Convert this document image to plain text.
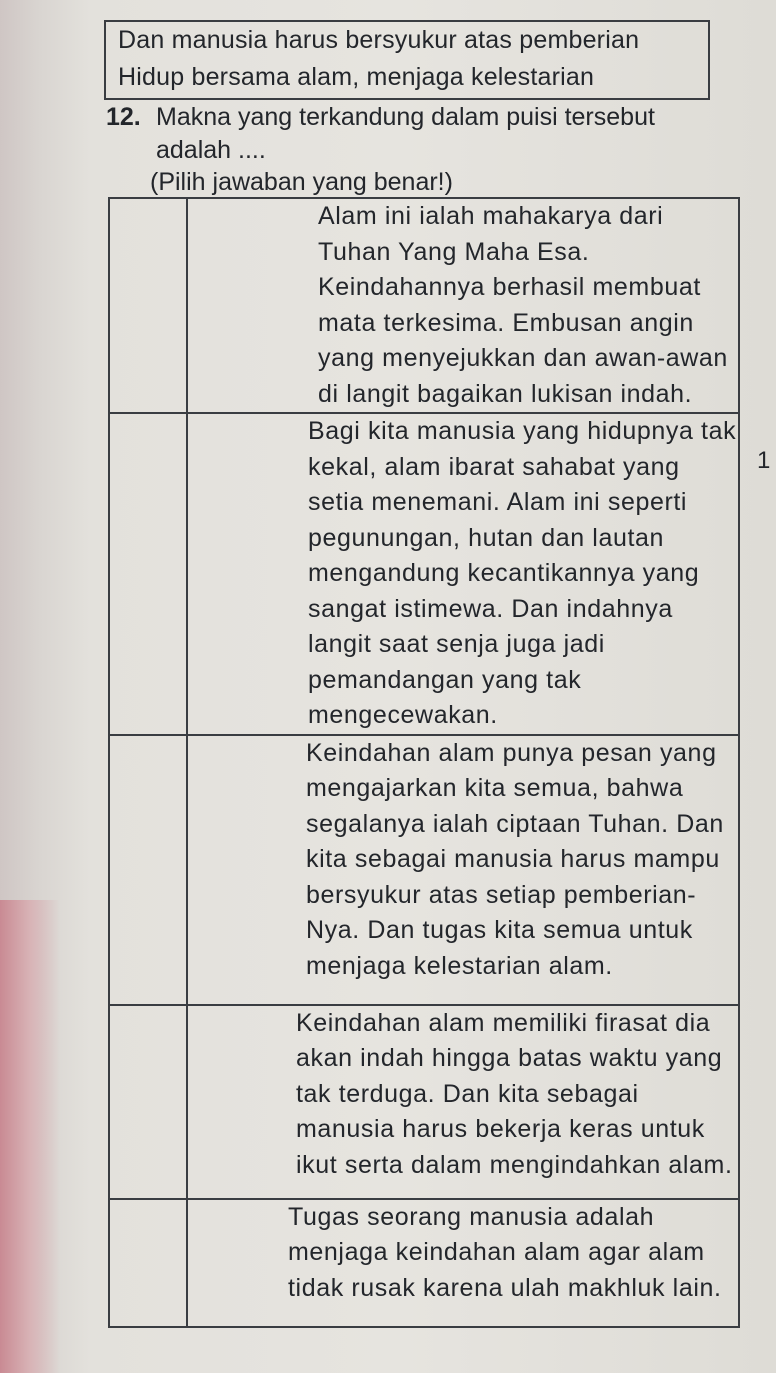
Dan manusia harus bersyukur atas pemberian
Hidup bersama alam, menjaga kelestarian
12. Makna yang terkandung dalam puisi tersebut
adalah ....
(Pilih jawaban yang benar!)
1
	Alam ini ialah mahakarya dari Tuhan Yang Maha Esa. Keindahannya berhasil membuat mata terkesima. Embusan angin yang menyejukkan dan awan-awan di langit bagaikan lukisan indah.
	Bagi kita manusia yang hidupnya tak kekal, alam ibarat sahabat yang setia menemani. Alam ini seperti pegunungan, hutan dan lautan mengandung kecantikannya yang sangat istimewa. Dan indahnya langit saat senja juga jadi pemandangan yang tak mengecewakan.
	Keindahan alam punya pesan yang mengajarkan kita semua, bahwa segalanya ialah ciptaan Tuhan. Dan kita sebagai manusia harus mampu bersyukur atas setiap pemberian-Nya. Dan tugas kita semua untuk menjaga kelestarian alam.
	Keindahan alam memiliki firasat dia akan indah hingga batas waktu yang tak terduga. Dan kita sebagai manusia harus bekerja keras untuk ikut serta dalam mengindahkan alam.
	Tugas seorang manusia adalah menjaga keindahan alam agar alam tidak rusak karena ulah makhluk lain.
